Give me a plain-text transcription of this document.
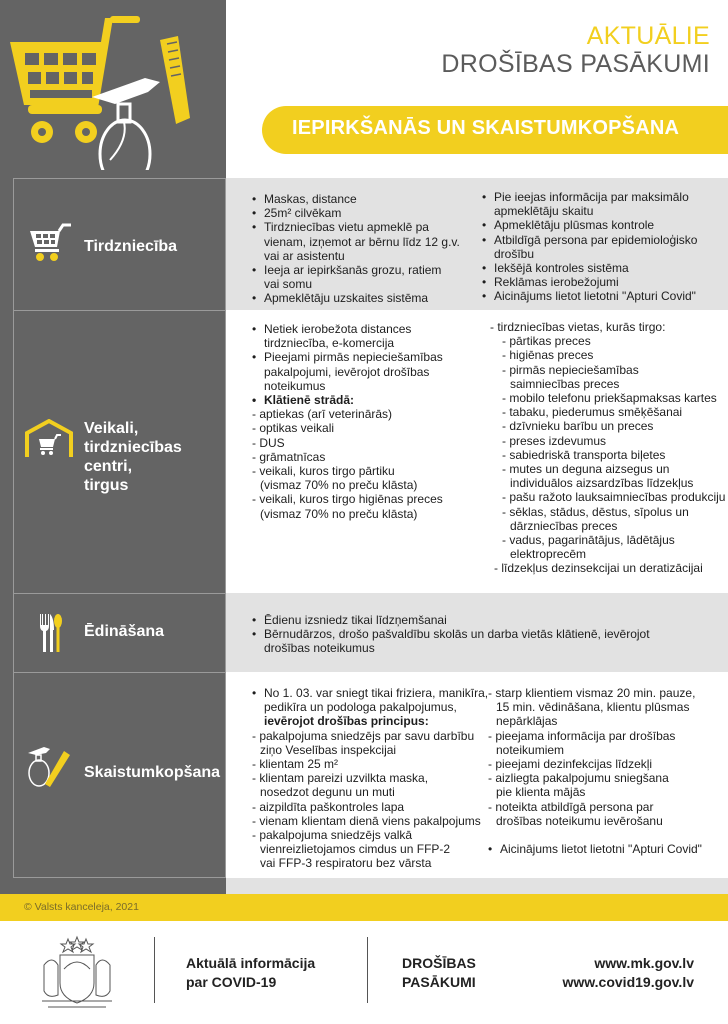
AKTUĀLIE
DROŠĪBAS PASĀKUMI
IEPIRKŠANĀS UN SKAISTUMKOPŠANA
Tirdzniecība
• Maskas, distance
• 25m² cilvēkam
• Tirdzniecības vietu apmeklē pa
vienam, izņemot ar bērnu līdz 12 g.v.
vai ar asistentu
• Ieeja ar iepirkšanās grozu, ratiem
vai somu
• Apmeklētāju uzskaites sistēma
• Pie ieejas informācija par maksimālo
apmeklētāju skaitu
• Apmeklētāju plūsmas kontrole
• Atbildīgā persona par epidemioloģisko
drošību
• Iekšējā kontroles sistēma
• Reklāmas ierobežojumi
• Aicinājums lietot lietotni "Apturi Covid"
Veikali,
tirdzniecības
centri,
tirgus
• Netiek ierobežota distances
tirdzniecība, e-komercija
• Pieejami pirmās nepieciešamības
pakalpojumi, ievērojot drošības
noteikumus
• Klātienē strādā:
- aptiekas (arī veterinārās)
- optikas veikali
- DUS
- grāmatnīcas
- veikali, kuros tirgo pārtiku
(vismaz 70% no preču klāsta)
- veikali, kuros tirgo higiēnas preces
(vismaz 70% no preču klāsta)
- tirdzniecības vietas, kurās tirgo:
- pārtikas preces
- higiēnas preces
- pirmās nepieciešamības
saimniecības preces
- mobilo telefonu priekšapmaksas kartes
- tabaku, piederumus smēķēšanai
- dzīvnieku barību un preces
- preses izdevumus
- sabiedriskā transporta biļetes
- mutes un deguna aizsegus un
individuālos aizsardzības līdzekļus
- pašu ražoto lauksaimniecības produkciju
- sēklas, stādus, dēstus, sīpolus un
dārzniecības preces
- vadus, pagarinātājus, lādētājus
elektroprecēm
- līdzekļus dezinsekcijai un deratizācijai
Ēdināšana
• Ēdienu izsniedz tikai līdzņemšanai
• Bērnudārzos, drošo pašvaldību skolās un darba vietās klātienē, ievērojot
drošības noteikumus
Skaistumkopšana
• No 1. 03. var sniegt tikai friziera, manikīra,
pedikīra un podologa pakalpojumus,
ievērojot drošības principus:
- pakalpojuma sniedzējs par savu darbību
ziņo Veselības inspekcijai
- klientam 25 m²
- klientam pareizi uzvilkta maska,
nosedzot degunu un muti
- aizpildīta paškontroles lapa
- vienam klientam dienā viens pakalpojums
- pakalpojuma sniedzējs valkā
vienreizlietojamos cimdus un FFP-2
vai FFP-3 respiratoru bez vārsta
- starp klientiem vismaz 20 min. pauze,
15 min. vēdināšana, klientu plūsmas
nepārklājas
- pieejama informācija par drošības
noteikumiem
- pieejami dezinfekcijas līdzekļi
- aizliegta pakalpojumu sniegšana
pie klienta mājās
- noteikta atbildīgā persona par
drošības noteikumu ievērošanu
• Aicinājums lietot lietotni "Apturi Covid"
© Valsts kanceleja, 2021
Aktuālā informācija
par COVID-19
DROŠĪBAS
PASĀKUMI
www.mk.gov.lv
www.covid19.gov.lv
